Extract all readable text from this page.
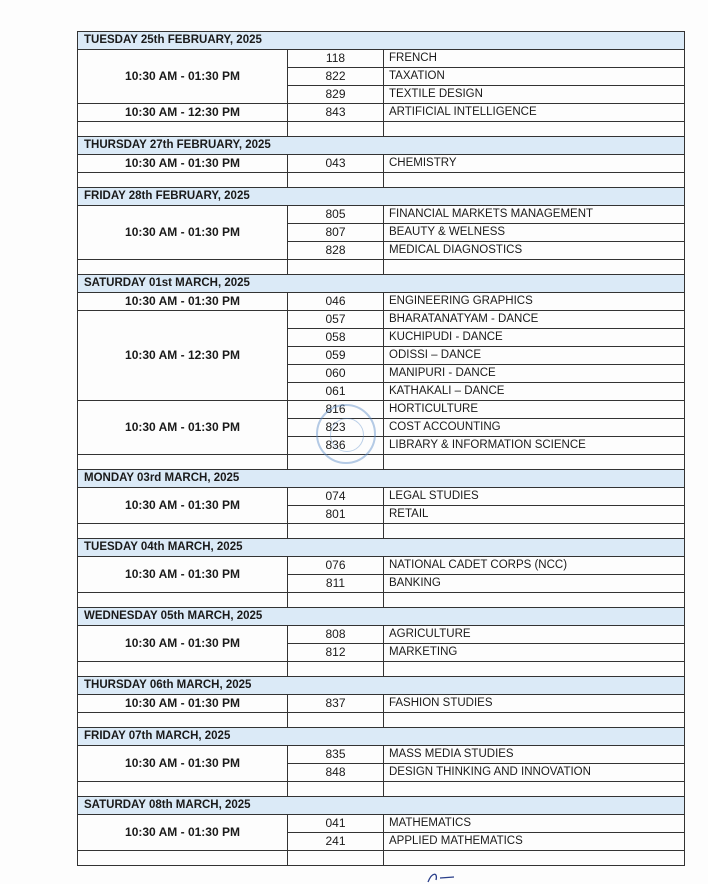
TUESDAY 25th FEBRUARY, 2025		
10:30 AM - 01:30 PM	118	FRENCH
	822	TAXATION
	829	TEXTILE DESIGN
10:30 AM - 12:30 PM	843	ARTIFICIAL INTELLIGENCE

THURSDAY 27th FEBRUARY, 2025		
10:30 AM - 01:30 PM	043	CHEMISTRY

FRIDAY 28th FEBRUARY, 2025		
10:30 AM - 01:30 PM	805	FINANCIAL MARKETS MANAGEMENT
	807	BEAUTY & WELNESS
	828	MEDICAL DIAGNOSTICS

SATURDAY 01st MARCH, 2025		
10:30 AM - 01:30 PM	046	ENGINEERING GRAPHICS
10:30 AM - 12:30 PM	057	BHARATANATYAM - DANCE
	058	KUCHIPUDI - DANCE
	059	ODISSI – DANCE
	060	MANIPURI - DANCE
	061	KATHAKALI – DANCE
10:30 AM - 01:30 PM	816	HORTICULTURE
	823	COST ACCOUNTING
	836	LIBRARY & INFORMATION SCIENCE

MONDAY 03rd MARCH, 2025		
10:30 AM - 01:30 PM	074	LEGAL STUDIES
	801	RETAIL

TUESDAY 04th MARCH, 2025		
10:30 AM - 01:30 PM	076	NATIONAL CADET CORPS (NCC)
	811	BANKING

WEDNESDAY 05th MARCH, 2025		
10:30 AM - 01:30 PM	808	AGRICULTURE
	812	MARKETING

THURSDAY 06th MARCH, 2025		
10:30 AM - 01:30 PM	837	FASHION STUDIES

FRIDAY 07th MARCH, 2025		
10:30 AM - 01:30 PM	835	MASS MEDIA STUDIES
	848	DESIGN THINKING AND INNOVATION

SATURDAY 08th MARCH, 2025		
10:30 AM - 01:30 PM	041	MATHEMATICS
	241	APPLIED MATHEMATICS
